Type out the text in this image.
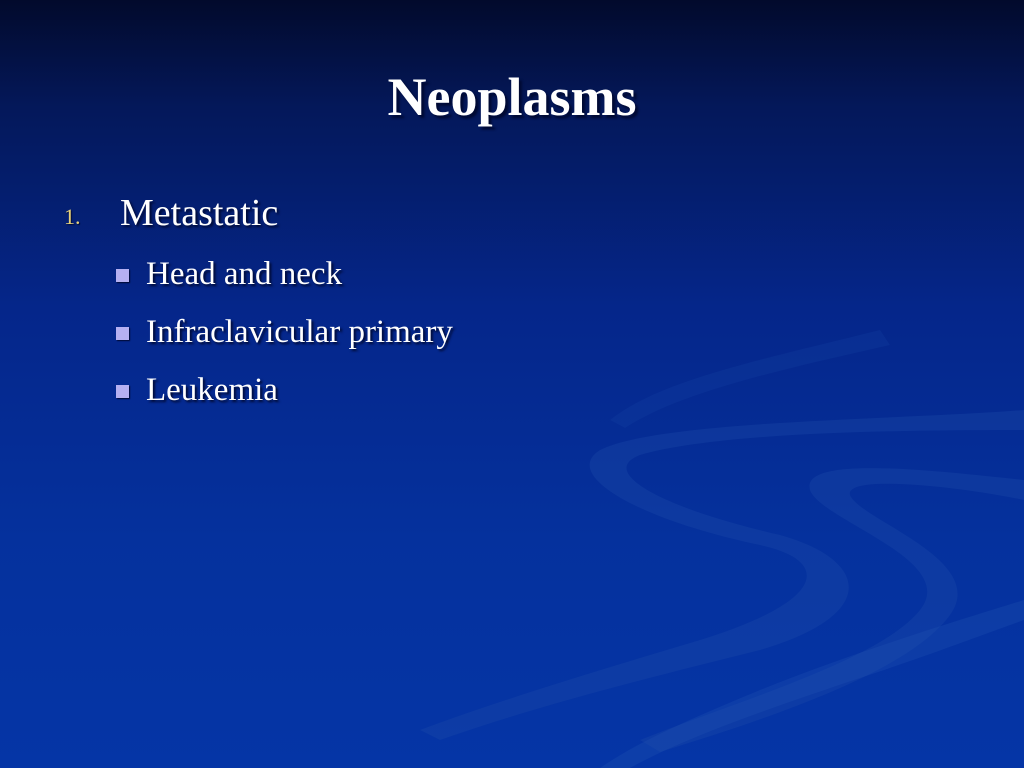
Neoplasms
1. Metastatic
Head and neck
Infraclavicular primary
Leukemia
